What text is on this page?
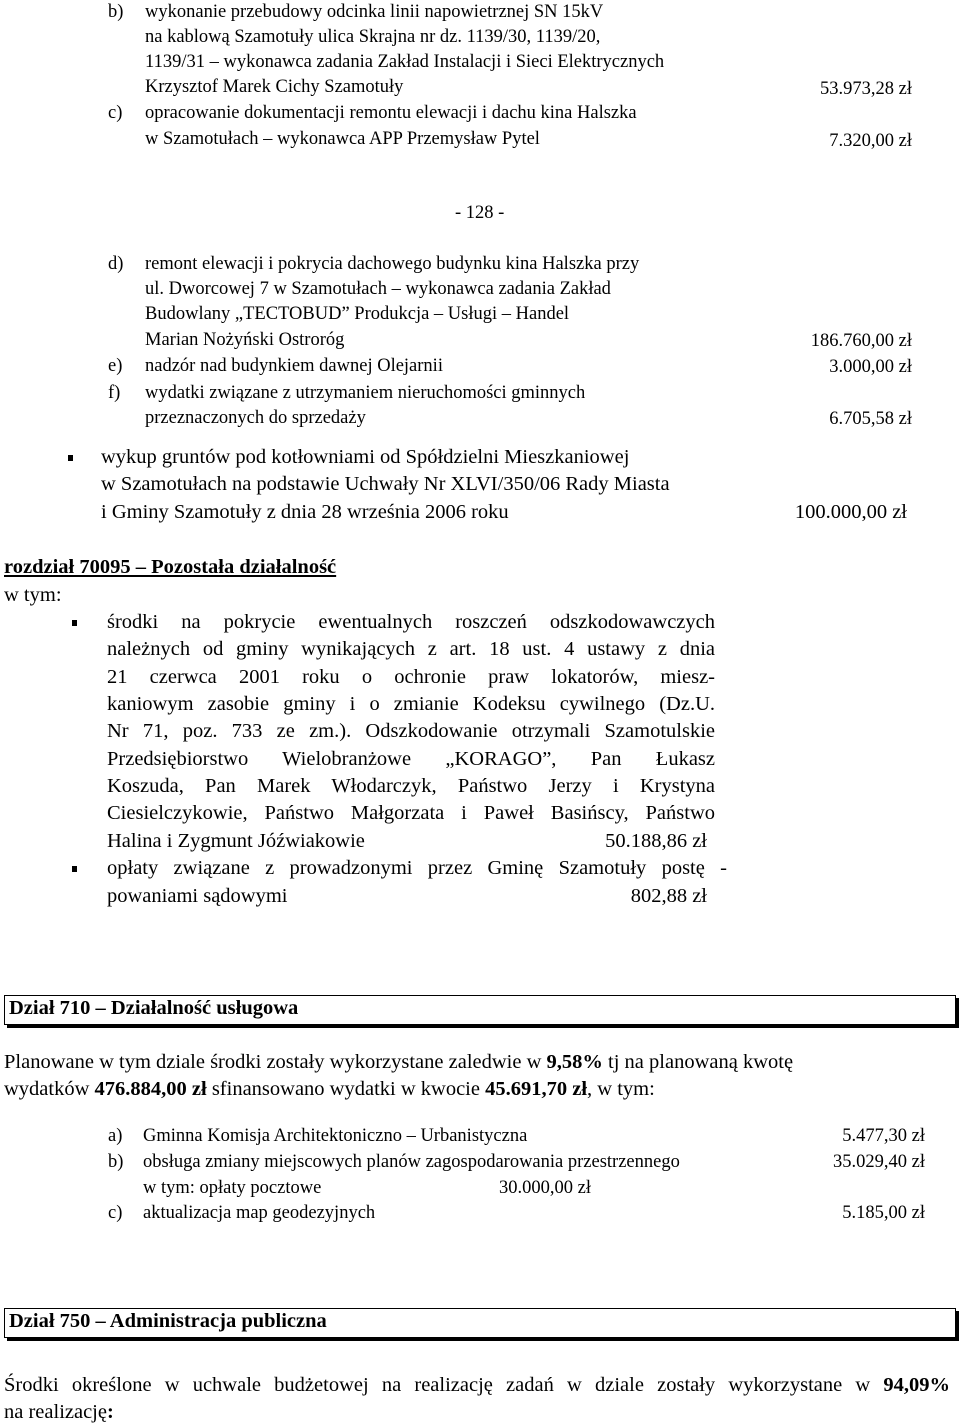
b) wykonanie przebudowy odcinka linii napowietrznej SN 15kV
na kablową Szamotuły ulica Skrajna nr dz. 1139/30, 1139/20,
1139/31 – wykonawca zadania Zakład Instalacji i Sieci Elektrycznych
Krzysztof Marek Cichy Szamotuły	53.973,28 zł
c) opracowanie dokumentacji remontu elewacji i dachu kina Halszka
w Szamotułach – wykonawca APP Przemysław Pytel	7.320,00 zł
- 128 -
d) remont elewacji i pokrycia dachowego budynku kina Halszka przy
ul. Dworcowej 7 w Szamotułach – wykonawca zadania Zakład
Budowlany „TECTOBUD” Produkcja – Usługi – Handel
Marian Nożyński Ostroróg	186.760,00 zł
e) nadzór nad budynkiem dawnej Olejarnii	3.000,00 zł
f) wydatki związane z utrzymaniem nieruchomości gminnych
przeznaczonych do sprzedaży	6.705,58 zł
wykup gruntów pod kotłowniami od Spółdzielni Mieszkaniowej
w Szamotułach na podstawie Uchwały Nr XLVI/350/06 Rady Miasta
i Gminy Szamotuły z dnia 28 września 2006 roku	100.000,00 zł
rozdział 70095 – Pozostała działalność
w tym:
środki na pokrycie ewentualnych roszczeń odszkodowawczych
należnych od gminy wynikających z art. 18 ust. 4 ustawy z dnia
21 czerwca 2001 roku o ochronie praw lokatorów, miesz-
kaniowym zasobie gminy i o zmianie Kodeksu cywilnego (Dz.U.
Nr 71, poz. 733 ze zm.). Odszkodowanie otrzymali Szamotulskie
Przedsiębiorstwo Wielobranżowe „KORAGO”, Pan Łukasz
Koszuda, Pan Marek Włodarczyk, Państwo Jerzy i Krystyna
Ciesielczykowie, Państwo Małgorzata i Paweł Basińscy, Państwo
Halina i Zygmunt Jóźwiakowie	50.188,86 zł
opłaty związane z prowadzonymi przez Gminę Szamotuły postę -
powaniami sądowymi	802,88 zł
Dział 710 – Działalność usługowa
Planowane w tym dziale środki zostały wykorzystane zaledwie w 9,58% tj na planowaną kwotę
wydatków 476.884,00 zł sfinansowano wydatki w kwocie 45.691,70 zł, w tym:
a) Gminna Komisja Architektoniczno – Urbanistyczna	5.477,30 zł
b) obsługa zmiany miejscowych planów zagospodarowania przestrzennego	35.029,40 zł
w tym: opłaty pocztowe	30.000,00 zł
c) aktualizacja map geodezyjnych	5.185,00 zł
Dział 750 – Administracja publiczna
Środki określone w uchwale budżetowej na realizację zadań w dziale zostały wykorzystane w 94,09%
na realizację:
